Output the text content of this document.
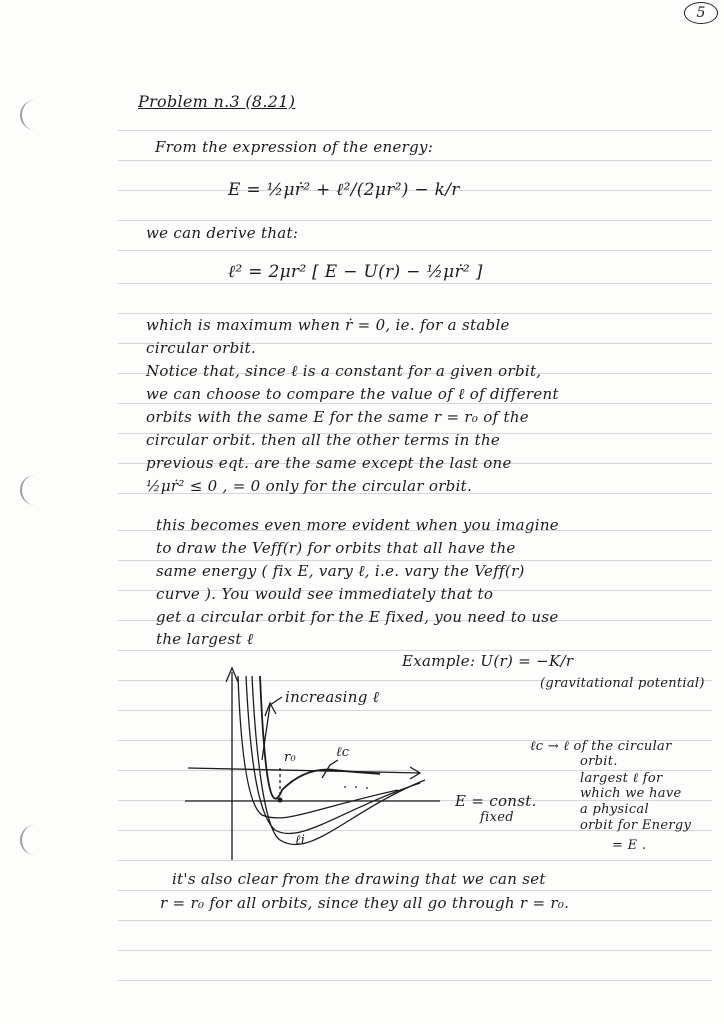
5
Problem n.3 (8.21)
From the expression of the energy:
E = ½μṙ² + ℓ²/(2μr²) − k/r
we can derive that:
ℓ² = 2μr² [ E − U(r) − ½μṙ² ]
which is maximum when ṙ = 0, ie. for a stable
circular orbit.
Notice that, since ℓ is a constant for a given orbit,
we can choose to compare the value of ℓ of different
orbits with the same E for the same r = r₀ of the
circular orbit. then all the other terms in the
previous eqt. are the same except the last one
½μṙ² ≤ 0 , = 0 only for the circular orbit.
this becomes even more evident when you imagine
to draw the Veff(r) for orbits that all have the
same energy ( fix E, vary ℓ, i.e. vary the Veff(r)
curve ). You would see immediately that to
get a circular orbit for the E fixed, you need to use
the largest ℓ
Example: U(r) = −K/r
(gravitational potential)
increasing ℓ
r₀	ℓc
ℓi
E = const.
fixed
ℓc → ℓ of the circular
orbit.
largest ℓ for
which we have
a physical
orbit for Energy
= E .
it's also clear from the drawing that we can set
r = r₀ for all orbits, since they all go through r = r₀.
